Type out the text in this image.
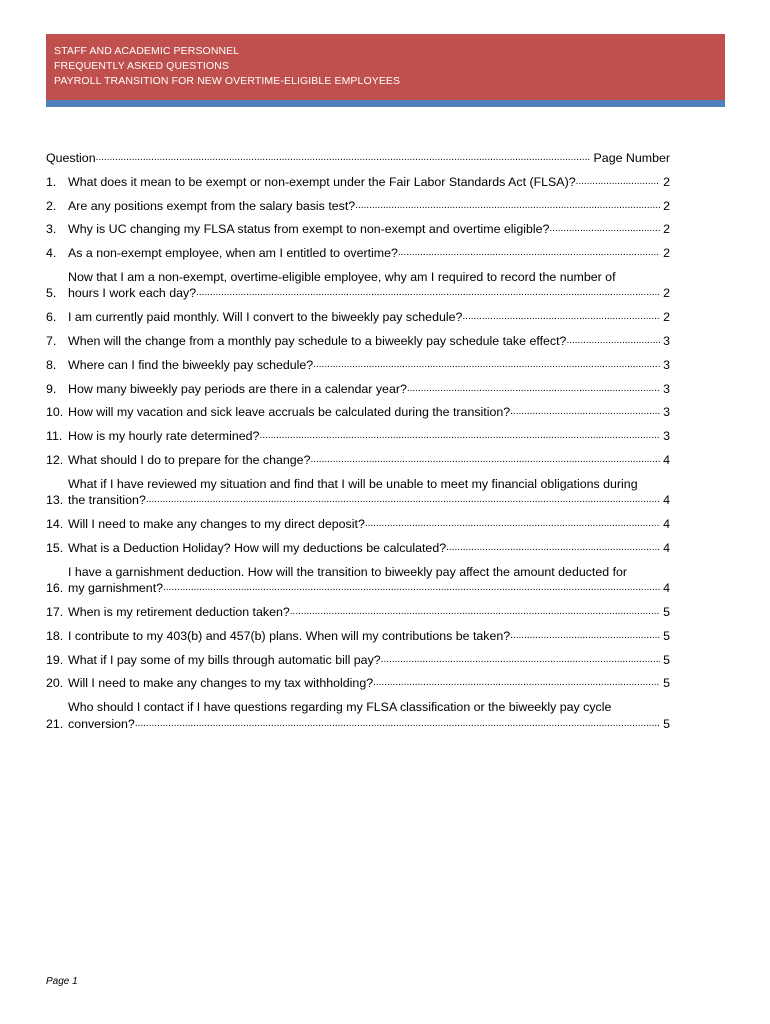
STAFF AND ACADEMIC PERSONNEL
FREQUENTLY ASKED QUESTIONS
PAYROLL TRANSITION FOR NEW OVERTIME-ELIGIBLE EMPLOYEES
Question .....	Page Number
1. What does it mean to be exempt or non-exempt under the Fair Labor Standards Act (FLSA)? .....	2
2. Are any positions exempt from the salary basis test? .....	2
3. Why is UC changing my FLSA status from exempt to non-exempt and overtime eligible? .....	2
4. As a non-exempt employee, when am I entitled to overtime? .....	2
5.
Now that I am a non-exempt, overtime-eligible employee, why am I required to record the number of
hours I work each day? .....	2
6. I am currently paid monthly. Will I convert to the biweekly pay schedule? .....	2
7. When will the change from a monthly pay schedule to a biweekly pay schedule take effect? .....	3
8. Where can I find the biweekly pay schedule? .....	3
9. How many biweekly pay periods are there in a calendar year? .....	3
10. How will my vacation and sick leave accruals be calculated during the transition? .....	3
11. How is my hourly rate determined? .....	3
12. What should I do to prepare for the change? .....	4
13.
What if I have reviewed my situation and find that I will be unable to meet my financial obligations during
the transition? .....	4
14. Will I need to make any changes to my direct deposit? .....	4
15. What is a Deduction Holiday? How will my deductions be calculated? .....	4
16.
I have a garnishment deduction. How will the transition to biweekly pay affect the amount deducted for
my garnishment? .....	4
17. When is my retirement deduction taken? .....	5
18. I contribute to my 403(b) and 457(b) plans. When will my contributions be taken? .....	5
19. What if I pay some of my bills through automatic bill pay? .....	5
20. Will I need to make any changes to my tax withholding? .....	5
21.
Who should I contact if I have questions regarding my FLSA classification or the biweekly pay cycle
conversion? .....	5
Page 1
